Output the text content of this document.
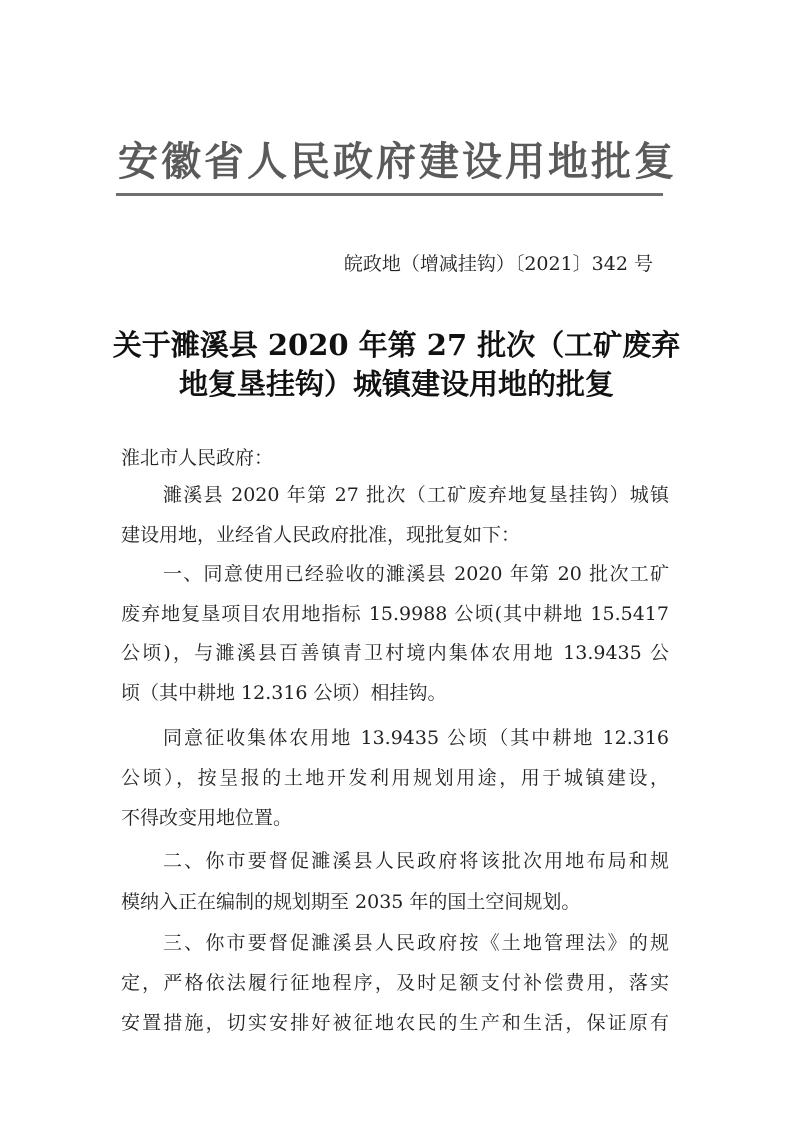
安徽省人民政府建设用地批复
皖政地（增减挂钩）〔2021〕342 号
关于濉溪县 2020 年第 27 批次（工矿废弃
地复垦挂钩）城镇建设用地的批复
淮北市人民政府：
濉溪县 2020 年第 27 批次（工矿废弃地复垦挂钩）城镇
建设用地，业经省人民政府批准，现批复如下：
一、同意使用已经验收的濉溪县 2020 年第 20 批次工矿
废弃地复垦项目农用地指标 15.9988 公顷(其中耕地 15.5417
公顷)，与濉溪县百善镇青卫村境内集体农用地 13.9435 公
顷（其中耕地 12.316 公顷）相挂钩。
同意征收集体农用地 13.9435 公顷（其中耕地 12.316
公顷），按呈报的土地开发利用规划用途，用于城镇建设，
不得改变用地位置。
二、你市要督促濉溪县人民政府将该批次用地布局和规
模纳入正在编制的规划期至 2035 年的国土空间规划。
三、你市要督促濉溪县人民政府按《土地管理法》的规
定，严格依法履行征地程序，及时足额支付补偿费用，落实
安置措施，切实安排好被征地农民的生产和生活，保证原有
